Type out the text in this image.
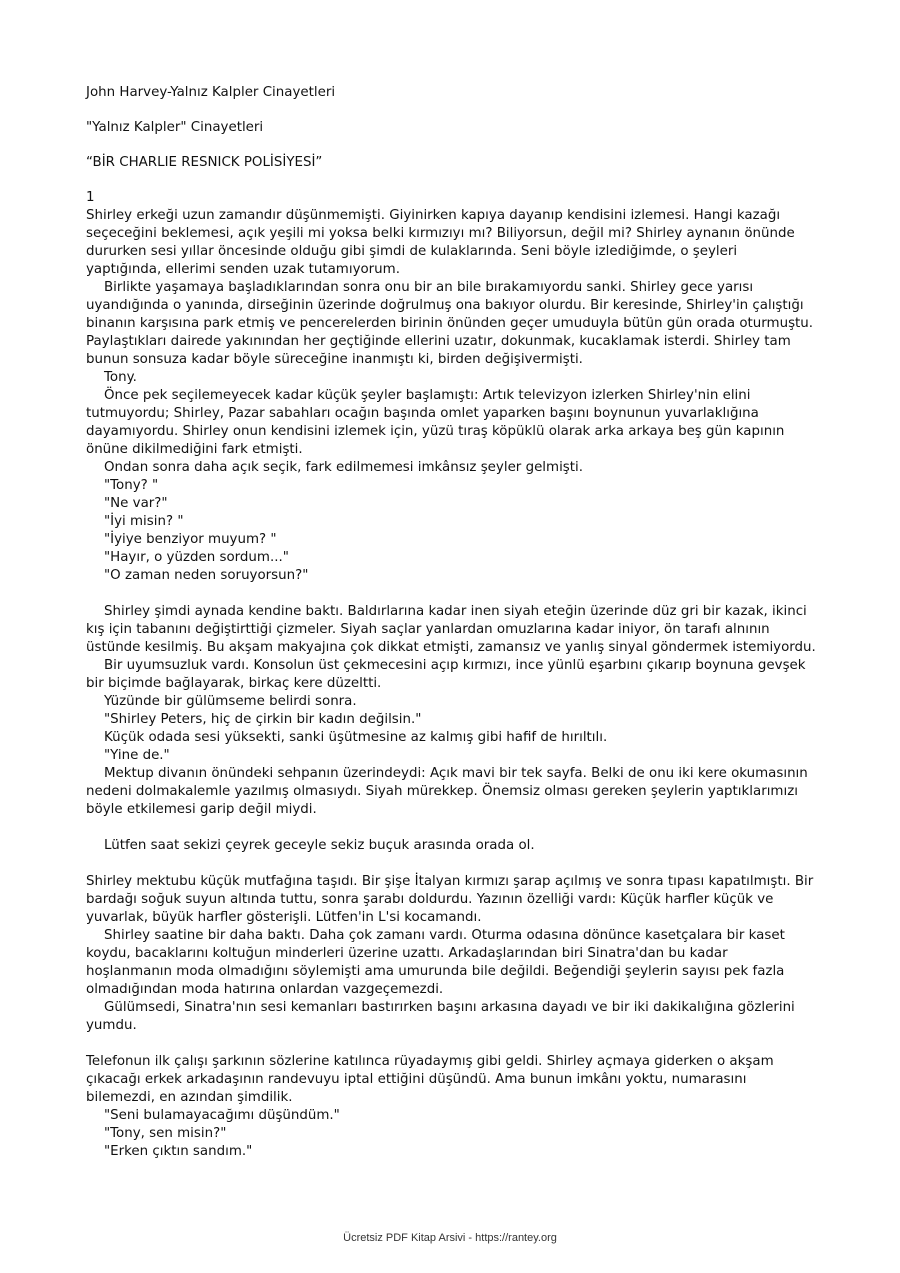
John Harvey-Yalnız Kalpler Cinayetleri

"Yalnız Kalpler" Cinayetleri

“BİR CHARLIE RESNICK POLİSİYESİ”

1

Shirley erkeği uzun zamandır düşünmemişti. Giyinirken kapıya dayanıp kendisini izlemesi. Hangi kazağı seçeceğini beklemesi, açık yeşili mi yoksa belki kırmızıyı mı? Biliyorsun, değil mi? Shirley aynanın önünde dururken sesi yıllar öncesinde olduğu gibi şimdi de kulaklarında. Seni böyle izlediğimde, o şeyleri yaptığında, ellerimi senden uzak tutamıyorum.

Birlikte yaşamaya başladıklarından sonra onu bir an bile bırakamıyordu sanki. Shirley gece yarısı uyandığında o yanında, dirseğinin üzerinde doğrulmuş ona bakıyor olurdu. Bir keresinde, Shirley'in çalıştığı binanın karşısına park etmiş ve pencerelerden birinin önünden geçer umuduyla bütün gün orada oturmuştu. Paylaştıkları dairede yakınından her geçtiğinde ellerini uzatır, dokunmak, kucaklamak isterdi. Shirley tam bunun sonsuza kadar böyle süreceğine inanmıştı ki, birden değişivermişti.

Tony.

Önce pek seçilemeyecek kadar küçük şeyler başlamıştı: Artık televizyon izlerken Shirley'nin elini tutmuyordu; Shirley, Pazar sabahları ocağın başında omlet yaparken başını boynunun yuvarlaklığına dayamıyordu. Shirley onun kendisini izlemek için, yüzü tıraş köpüklü olarak arka arkaya beş gün kapının önüne dikilmediğini fark etmişti.

Ondan sonra daha açık seçik, fark edilmemesi imkânsız şeyler gelmişti.

"Tony? "

"Ne var?"

"İyi misin? "

"İyiye benziyor muyum? "

"Hayır, o yüzden sordum..."

"O zaman neden soruyorsun?"

Shirley şimdi aynada kendine baktı. Baldırlarına kadar inen siyah eteğin üzerinde düz gri bir kazak, ikinci kış için tabanını değiştirttiği çizmeler. Siyah saçlar yanlardan omuzlarına kadar iniyor, ön tarafı alnının üstünde kesilmiş. Bu akşam makyajına çok dikkat etmişti, zamansız ve yanlış sinyal göndermek istemiyordu.

Bir uyumsuzluk vardı. Konsolun üst çekmecesini açıp kırmızı, ince yünlü eşarbını çıkarıp boynuna gevşek bir biçimde bağlayarak, birkaç kere düzeltti.

Yüzünde bir gülümseme belirdi sonra.

"Shirley Peters, hiç de çirkin bir kadın değilsin."

Küçük odada sesi yüksekti, sanki üşütmesine az kalmış gibi hafif de hırıltılı.

"Yine de."

Mektup divanın önündeki sehpanın üzerindeydi: Açık mavi bir tek sayfa. Belki de onu iki kere okumasının nedeni dolmakalemle yazılmış olmasıydı. Siyah mürekkep. Önemsiz olması gereken şeylerin yaptıklarımızı böyle etkilemesi garip değil miydi.

Lütfen saat sekizi çeyrek geceyle sekiz buçuk arasında orada ol.

Shirley mektubu küçük mutfağına taşıdı. Bir şişe İtalyan kırmızı şarap açılmış ve sonra tıpası kapatılmıştı. Bir bardağı soğuk suyun altında tuttu, sonra şarabı doldurdu. Yazının özelliği vardı: Küçük harfler küçük ve yuvarlak, büyük harfler gösterişli. Lütfen'in L'si kocamandı.

Shirley saatine bir daha baktı. Daha çok zamanı vardı. Oturma odasına dönünce kasetçalara bir kaset koydu, bacaklarını koltuğun minderleri üzerine uzattı. Arkadaşlarından biri Sinatra'dan bu kadar hoşlanmanın moda olmadığını söylemişti ama umurunda bile değildi. Beğendiği şeylerin sayısı pek fazla olmadığından moda hatırına onlardan vazgeçemezdi.

Gülümsedi, Sinatra'nın sesi kemanları bastırırken başını arkasına dayadı ve bir iki dakikalığına gözlerini yumdu.

Telefonun ilk çalışı şarkının sözlerine katılınca rüyadaymış gibi geldi. Shirley açmaya giderken o akşam çıkacağı erkek arkadaşının randevuyu iptal ettiğini düşündü. Ama bunun imkânı yoktu, numarasını bilemezdi, en azından şimdilik.

"Seni bulamayacağımı düşündüm."

"Tony, sen misin?"

"Erken çıktın sandım."

Ücretsiz PDF Kitap Arsivi - https://rantey.org
